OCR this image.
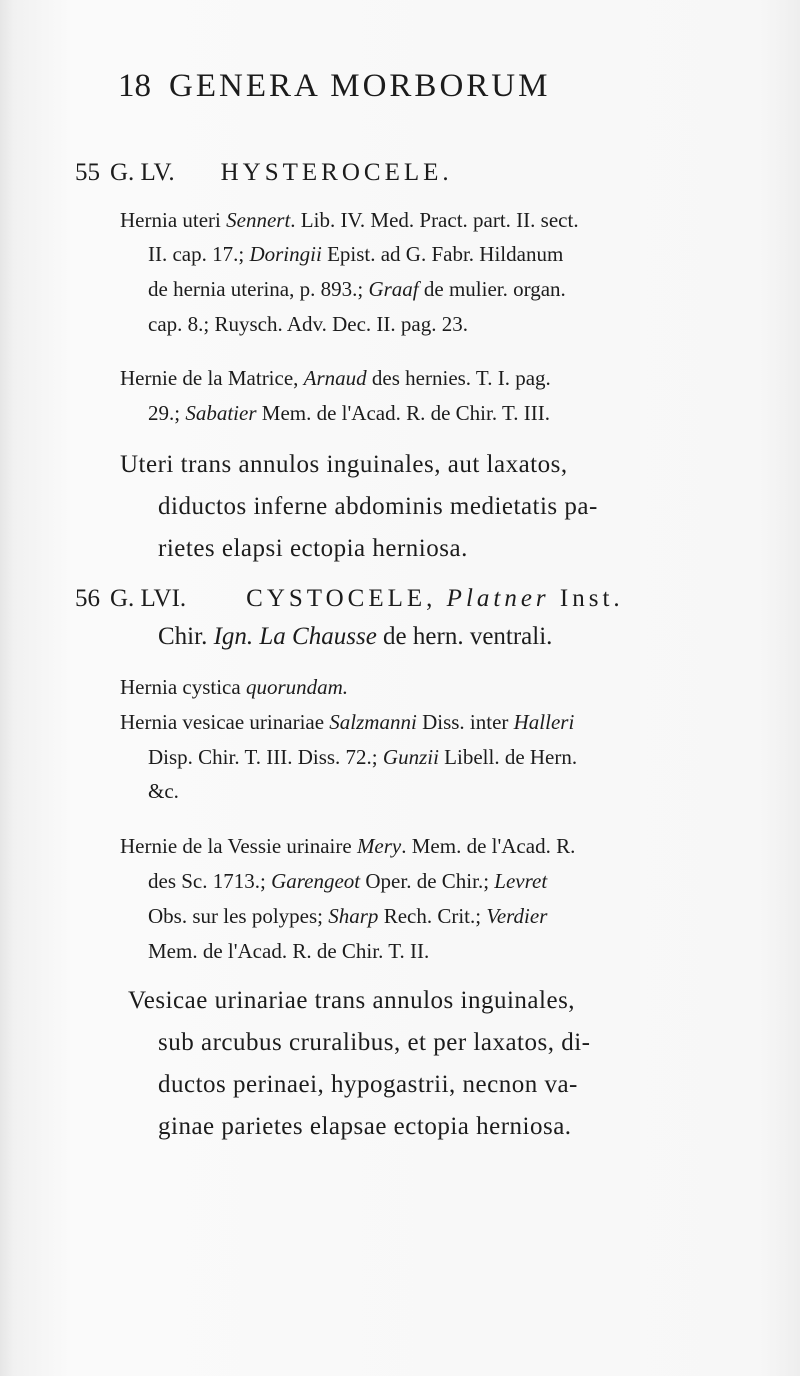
18 GENERA MORBORUM
55 G. LV. HYSTEROCELE.
Hernia uteri Sennert. Lib. IV. Med. Pract. part. II. sect.
II. cap. 17.; Doringii Epist. ad G. Fabr. Hildanum
de hernia uterina, p. 893.; Graaf de mulier. organ.
cap. 8.; Ruysch. Adv. Dec. II. pag. 23.
Hernie de la Matrice, Arnaud des hernies. T. I. pag.
29.; Sabatier Mem. de l'Acad. R. de Chir. T. III.
Uteri trans annulos inguinales, aut laxatos,
diductos inferne abdominis medietatis pa-
rietes elapsi ectopia herniosa.
56 G. LVI. CYSTOCELE, Platner Inst.
Chir. Ign. La Chausse de hern. ventrali.
Hernia cystica quorundam.
Hernia vesicae urinariae Salzmanni Diss. inter Halleri
Disp. Chir. T. III. Diss. 72.; Gunzii Libell. de Hern.
&c.
Hernie de la Vessie urinaire Mery. Mem. de l'Acad. R.
des Sc. 1713.; Garengeot Oper. de Chir.; Levret
Obs. sur les polypes; Sharp Rech. Crit.; Verdier
Mem. de l'Acad. R. de Chir. T. II.
Vesicae urinariae trans annulos inguinales,
sub arcubus cruralibus, et per laxatos, di-
ductos perinaei, hypogastrii, necnon va-
ginae parietes elapsae ectopia herniosa.
